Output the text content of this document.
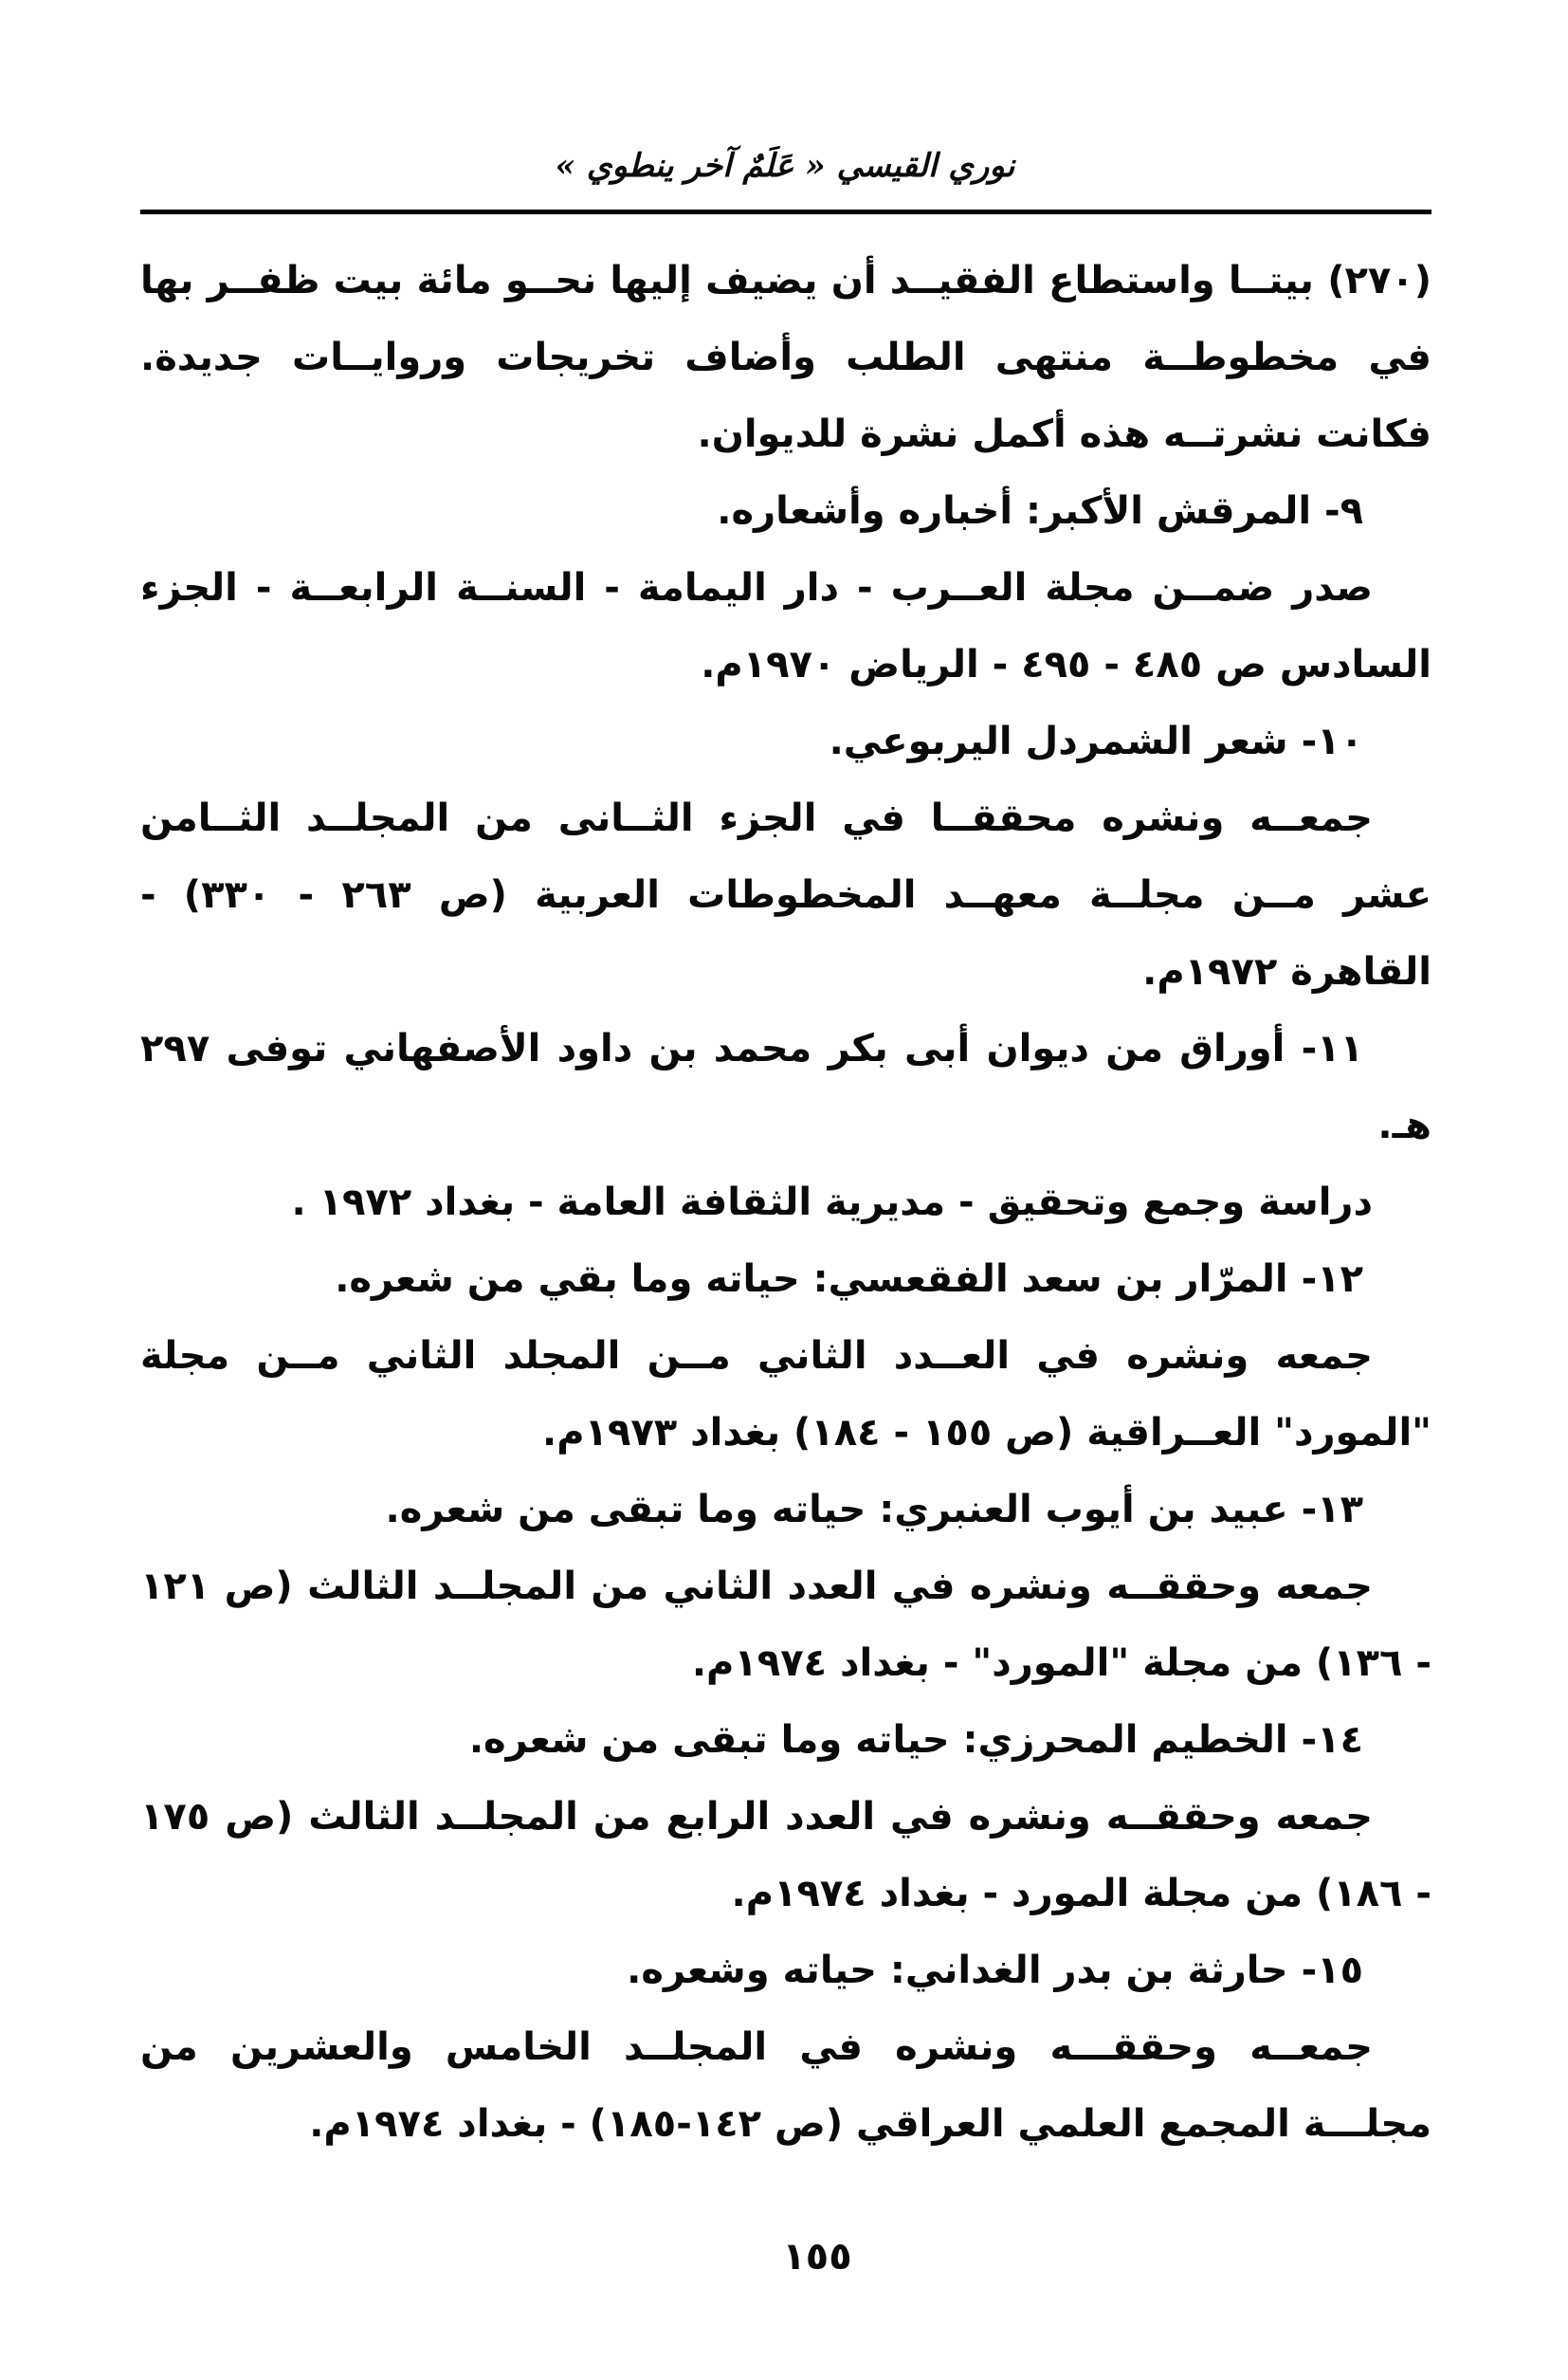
نوري القيسي « عَلَمٌ آخر ينطوي »

(٢٧٠) بيتــا واستطاع الفقيــد أن يضيف إليها نحــو مائة بيت ظفــر بها في مخطوطــة منتهى الطلب وأضاف تخريجات وروايــات جديدة. فكانت نشرتــه هذه أكمل نشرة للديوان.

٩- المرقش الأكبر: أخباره وأشعاره.

صدر ضمــن مجلة العــرب - دار اليمامة - السنــة الرابعــة - الجزء السادس ص ٤٨٥ - ٤٩٥ - الرياض ١٩٧٠م.

١٠- شعر الشمردل اليربوعي.

جمعــه ونشره محققــا في الجزء الثــانى من المجلــد الثــامن عشر مــن مجلــة معهــد المخطوطات العربية (ص ٢٦٣ - ٣٣٠) - القاهرة ١٩٧٢م.

١١- أوراق من ديوان أبى بكر محمد بن داود الأصفهاني توفى ٢٩٧ هـ.

دراسة وجمع وتحقيق - مديرية الثقافة العامة - بغداد ١٩٧٢ .

١٢- المرّار بن سعد الفقعسي: حياته وما بقي من شعره.

جمعه ونشره في العــدد الثاني مــن المجلد الثاني مــن مجلة "المورد" العــراقية (ص ١٥٥ - ١٨٤) بغداد ١٩٧٣م.

١٣- عبيد بن أيوب العنبري: حياته وما تبقى من شعره.

جمعه وحققــه ونشره في العدد الثاني من المجلــد الثالث (ص ١٢١ - ١٣٦) من مجلة "المورد" - بغداد ١٩٧٤م.

١٤- الخطيم المحرزي: حياته وما تبقى من شعره.

جمعه وحققــه ونشره في العدد الرابع من المجلــد الثالث (ص ١٧٥ - ١٨٦) من مجلة المورد - بغداد ١٩٧٤م.

١٥- حارثة بن بدر الغداني: حياته وشعره.

جمعــه وحققـــه ونشره في المجلــد الخامس والعشرين من مجلـــة المجمع العلمي العراقي (ص ١٤٢-١٨٥) - بغداد ١٩٧٤م.

١٥٥
